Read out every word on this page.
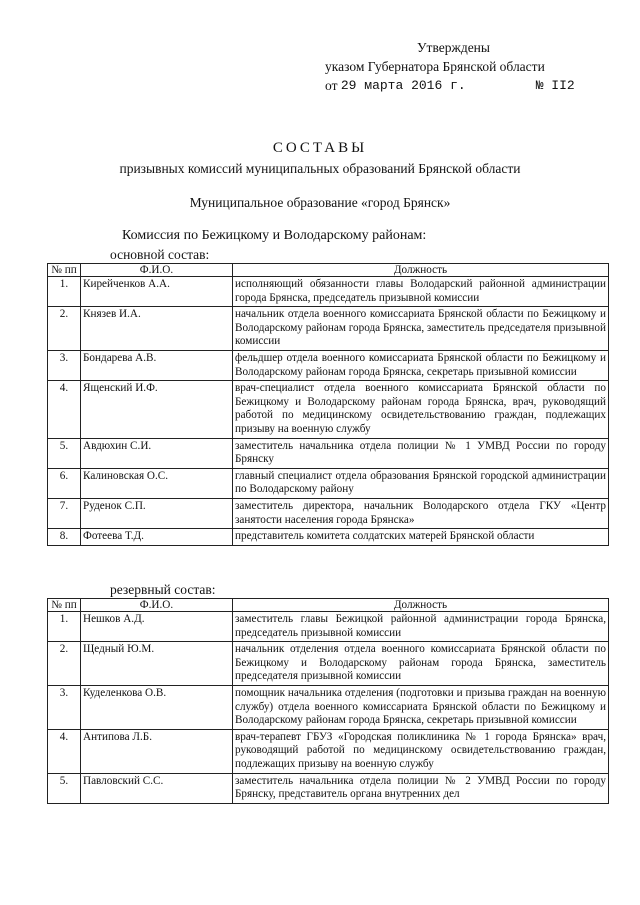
Утверждены
указом Губернатора Брянской области
от
29 марта 2016 г.	№ II2
СОСТАВЫ
призывных комиссий муниципальных образований Брянской области
Муниципальное образование «город Брянск»
Комиссия по Бежицкому и Володарскому районам:
основной состав:
№ пп	Ф.И.О.	Должность
1.	Кирейченков А.А.	исполняющий обязанности главы Володарский районной администрации города Брянска, председатель призывной комиссии
2.	Князев И.А.	начальник отдела военного комиссариата Брянской области по Бежицкому и Володарскому районам города Брянска, заместитель председателя призывной комиссии
3.	Бондарева А.В.	фельдшер отдела военного комиссариата Брянской области по Бежицкому и Володарскому районам города Брянска, секретарь призывной комиссии
4.	Ященский И.Ф.	врач-специалист отдела военного комиссариата Брянской области по Бежицкому и Володарскому районам города Брянска, врач, руководящий работой по медицинскому освидетельствованию граждан, подлежащих призыву на военную службу
5.	Авдюхин С.И.	заместитель начальника отдела полиции № 1 УМВД России по городу Брянску
6.	Калиновская О.С.	главный специалист отдела образования Брянской городской администрации по Володарскому району
7.	Руденок С.П.	заместитель директора, начальник Володарского отдела ГКУ «Центр занятости населения города Брянска»
8.	Фотеева Т.Д.	представитель комитета солдатских матерей Брянской области
резервный состав:
№ пп	Ф.И.О.	Должность
1.	Нешков А.Д.	заместитель главы Бежицкой районной администрации города Брянска, председатель призывной комиссии
2.	Щедный Ю.М.	начальник отделения отдела военного комиссариата Брянской области по Бежицкому и Володарскому районам города Брянска, заместитель председателя призывной комиссии
3.	Куделенкова О.В.	помощник начальника отделения (подготовки и призыва граждан на военную службу) отдела военного комиссариата Брянской области по Бежицкому и Володарскому районам города Брянска, секретарь призывной комиссии
4.	Антипова Л.Б.	врач-терапевт ГБУЗ «Городская поликлиника № 1 города Брянска» врач, руководящий работой по медицинскому освидетельствованию граждан, подлежащих призыву на военную службу
5.	Павловский С.С.	заместитель начальника отдела полиции № 2 УМВД России по городу Брянску, представитель органа внутренних дел
